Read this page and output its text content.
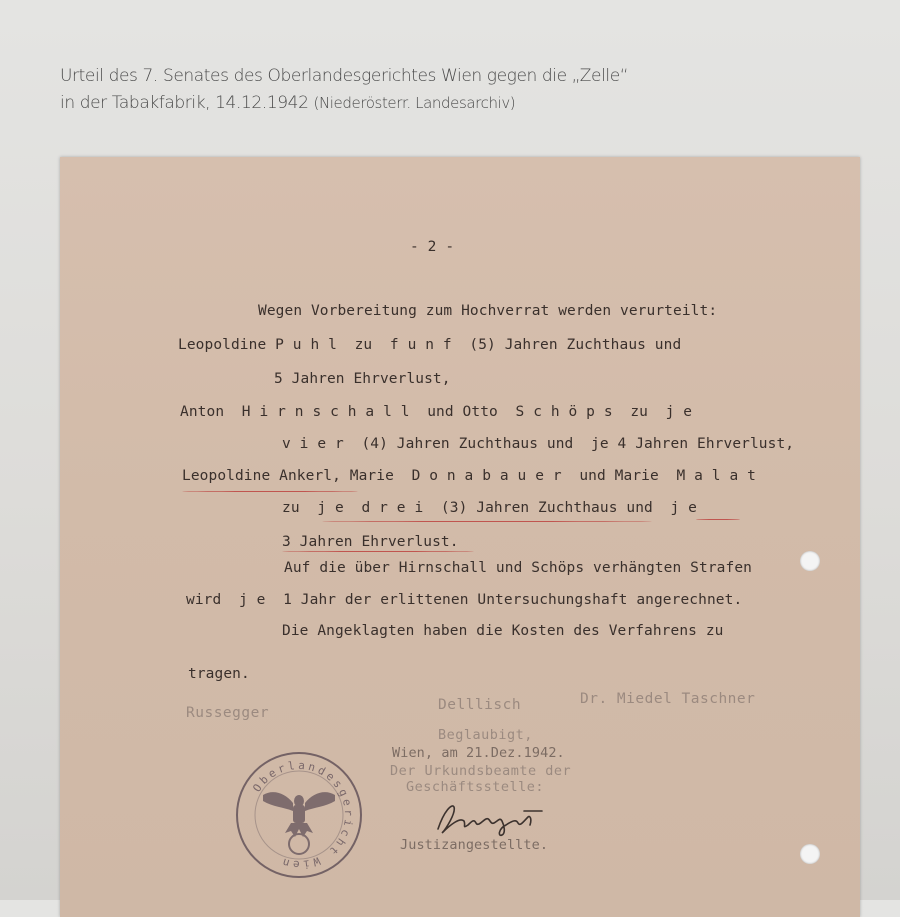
Urteil des 7. Senates des Oberlandesgerichtes Wien gegen die „Zelle“
in der Tabakfabrik, 14.12.1942 (Niederösterr. Landesarchiv)
- 2 -
Wegen Vorbereitung zum Hochverrat werden verurteilt:
Leopoldine P u h l  zu  f u n f  (5) Jahren Zuchthaus und
5 Jahren Ehrverlust,
Anton  H i r n s c h a l l  und Otto  S c h ö p s  zu  j e
v i e r  (4) Jahren Zuchthaus und  je 4 Jahren Ehrverlust,
Leopoldine Ankerl, Marie  D o n a b a u e r  und Marie  M a l a t
zu  j e  d r e i  (3) Jahren Zuchthaus und  j e
3 Jahren Ehrverlust.
Auf die über Hirnschall und Schöps verhängten Strafen
wird  j e  1 Jahr der erlittenen Untersuchungshaft angerechnet.
Die Angeklagten haben die Kosten des Verfahrens zu
tragen.
Russegger	Delllisch	Dr. Miedel Taschner
Beglaubigt,
Wien, am 21.Dez.1942.
Der Urkundsbeamte der
Geschäftsstelle:
Justizangestellte.
Oberlandesgericht Wien
